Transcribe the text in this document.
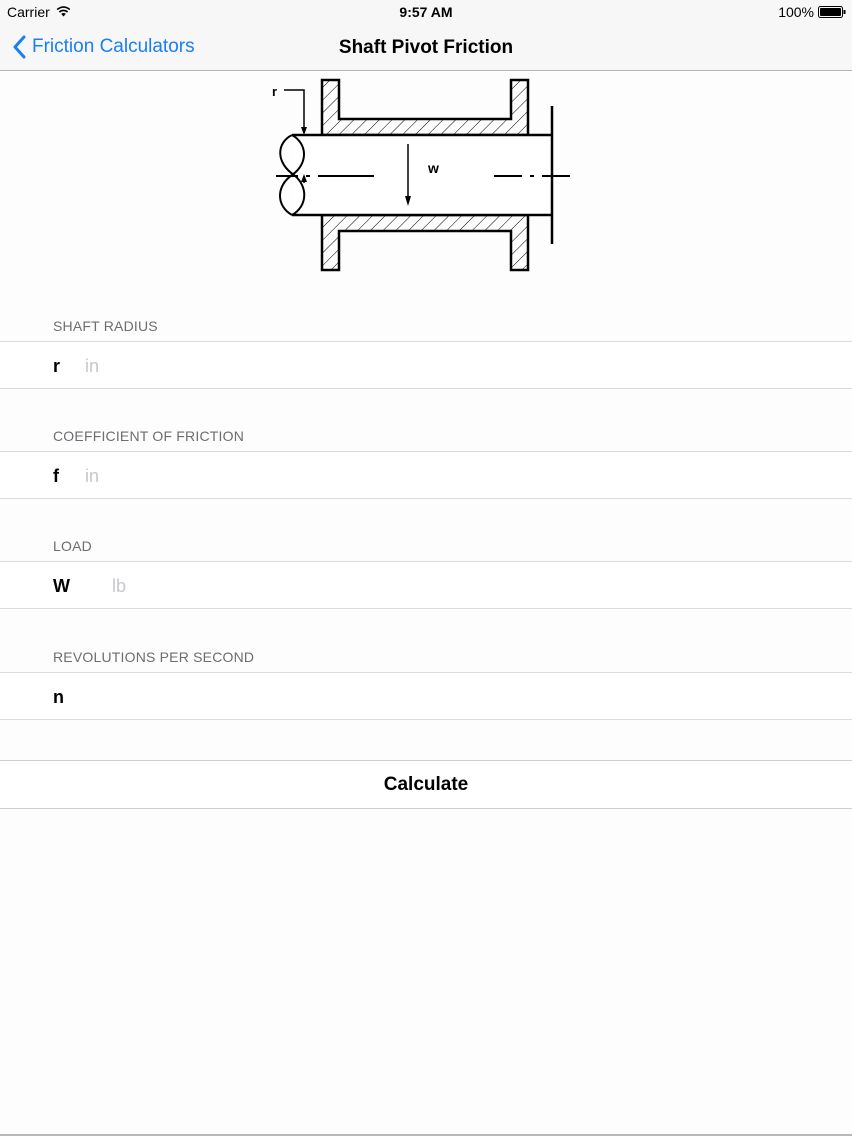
Carrier	9:57 AM	100%
Friction Calculators	Shaft Pivot Friction
r
w
SHAFT RADIUS
r
in
COEFFICIENT OF FRICTION
f
in
LOAD
W
lb
REVOLUTIONS PER SECOND
n
Calculate
